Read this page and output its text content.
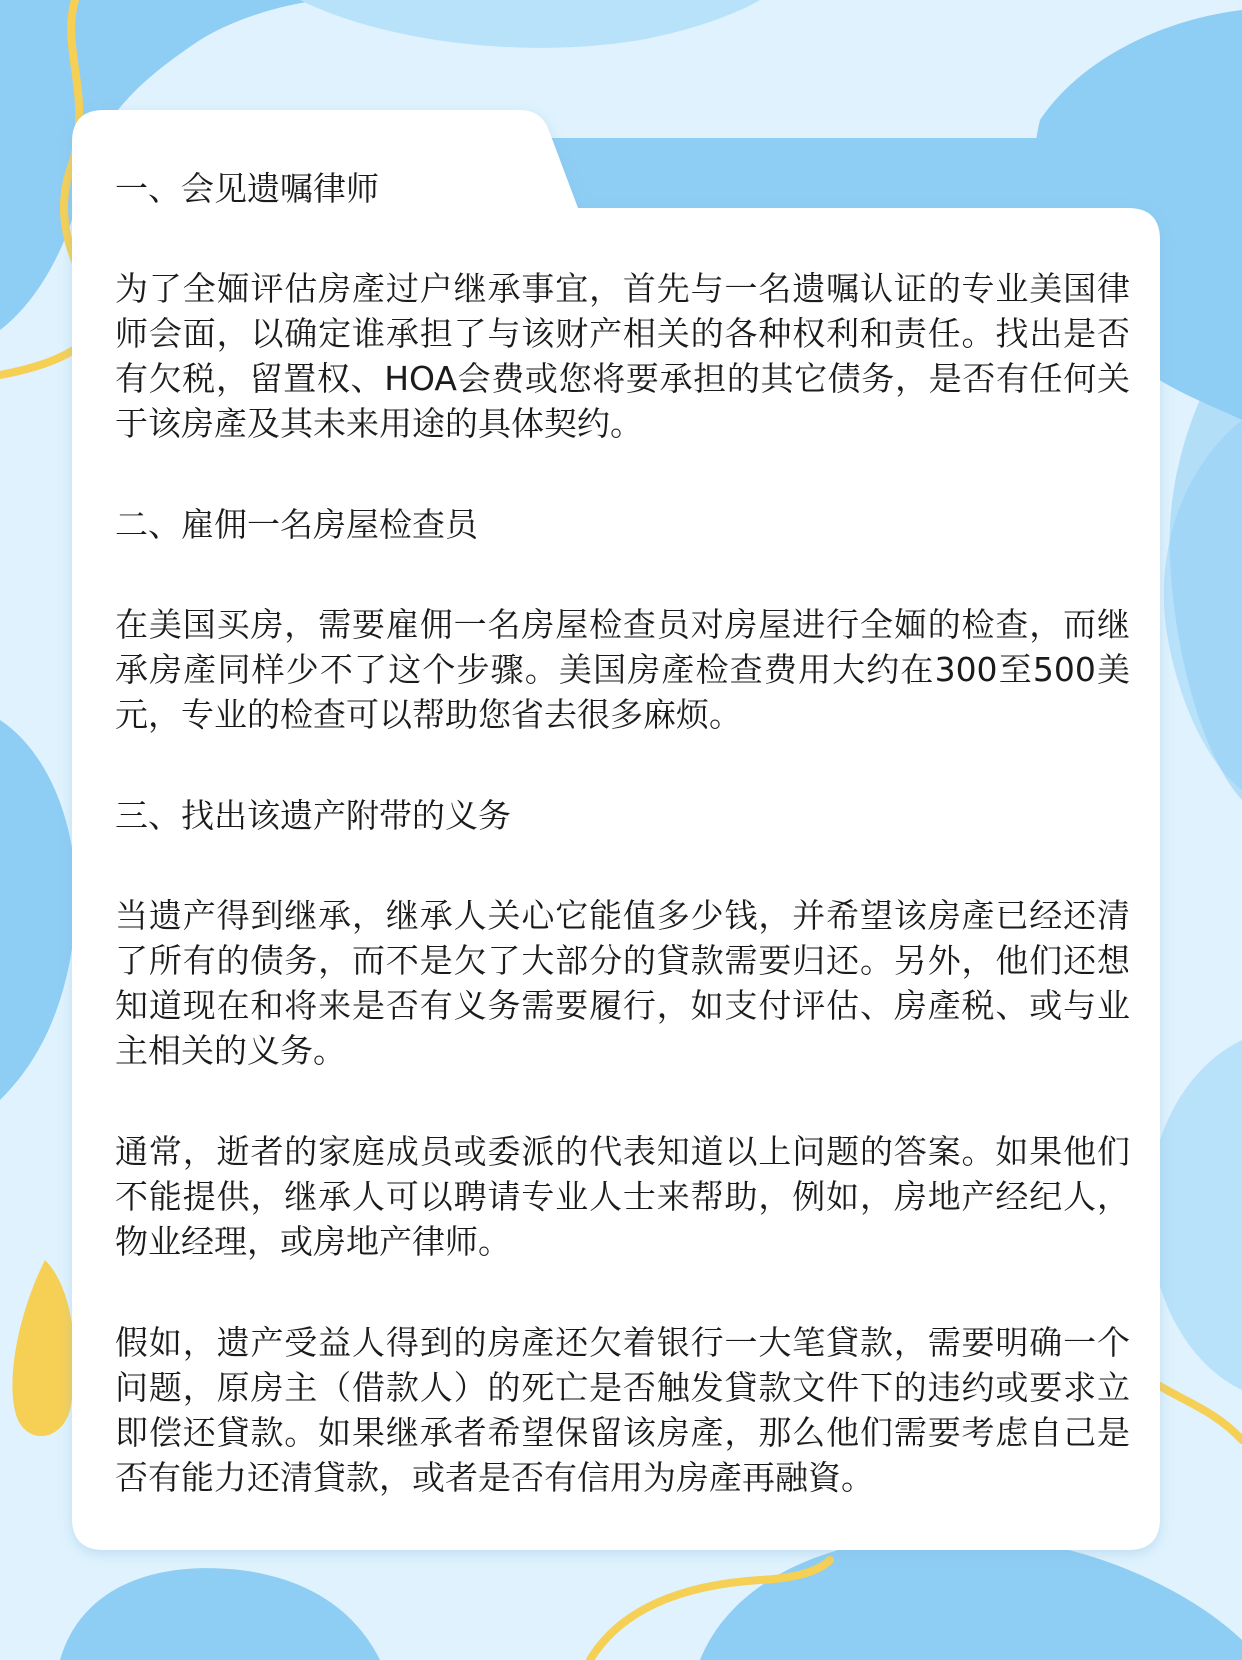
一、会见遗嘱律师

为了全媔评估房產过户继承事宜，首先与一名遗嘱认证的专业美国律师会面，以确定谁承担了与该财产相关的各种权利和责任。找出是否有欠税，留置权、HOA会费或您将要承担的其它债务，是否有任何关于该房產及其未来用途的具体契约。

二、雇佣一名房屋检查员

在美国买房，需要雇佣一名房屋检查员对房屋进行全媔的检查，而继承房產同样少不了这个步骤。美国房產检查费用大约在300至500美元，专业的检查可以帮助您省去很多麻烦。

三、找出该遗产附带的义务

当遗产得到继承，继承人关心它能值多少钱，并希望该房產已经还清了所有的债务，而不是欠了大部分的貸款需要归还。另外，他们还想知道现在和将来是否有义务需要履行，如支付评估、房產税、或与业主相关的义务。

通常，逝者的家庭成员或委派的代表知道以上问题的答案。如果他们不能提供，继承人可以聘请专业人士来帮助，例如，房地产经纪人，物业经理，或房地产律师。

假如，遗产受益人得到的房產还欠着银行一大笔貸款，需要明确一个问题，原房主（借款人）的死亡是否触发貸款文件下的违约或要求立即偿还貸款。如果继承者希望保留该房產，那么他们需要考虑自己是否有能力还清貸款，或者是否有信用为房產再融資。
